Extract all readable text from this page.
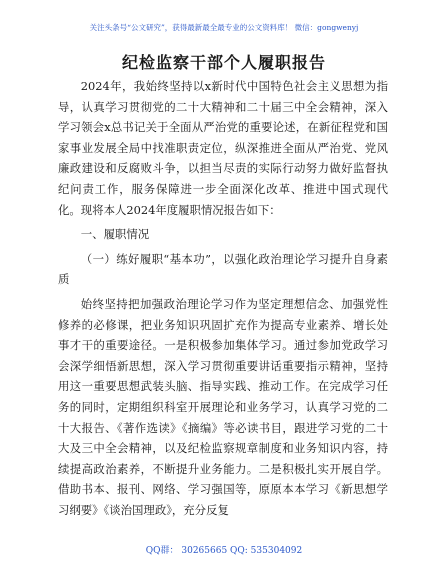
关注头条号“公文研究”，获得最新最全最专业的公文资料库！ 微信：gongwenyj
纪检监察干部个人履职报告

2024年，我始终坚持以x新时代中国特色社会主义思想为指导，认真学习贯彻党的二十大精神和二十届三中全会精神，深入学习领会x总书记关于全面从严治党的重要论述，在新征程党和国家事业发展全局中找准职责定位，纵深推进全面从严治党、党风廉政建设和反腐败斗争，以担当尽责的实际行动努力做好监督执纪问责工作，服务保障进一步全面深化改革、推进中国式现代化。现将本人2024年度履职情况报告如下：

一、履职情况

（一）练好履职“基本功”，以强化政治理论学习提升自身素质

始终坚持把加强政治理论学习作为坚定理想信念、加强党性修养的必修课，把业务知识巩固扩充作为提高专业素养、增长处事才干的重要途径。一是积极参加集体学习。通过参加党政学习会深学细悟新思想，深入学习贯彻重要讲话重要指示精神，坚持用这一重要思想武装头脑、指导实践、推动工作。在完成学习任务的同时，定期组织科室开展理论和业务学习，认真学习党的二十大报告、《著作选读》《摘编》等必读书目，跟进学习党的二十大及三中全会精神，以及纪检监察规章制度和业务知识内容，持续提高政治素养，不断提升业务能力。二是积极扎实开展自学。借助书本、报刊、网络、学习强国等，原原本本学习《新思想学习纲要》《谈治国理政》，充分反复

QQ群： 30265665 QQ: 535304092
